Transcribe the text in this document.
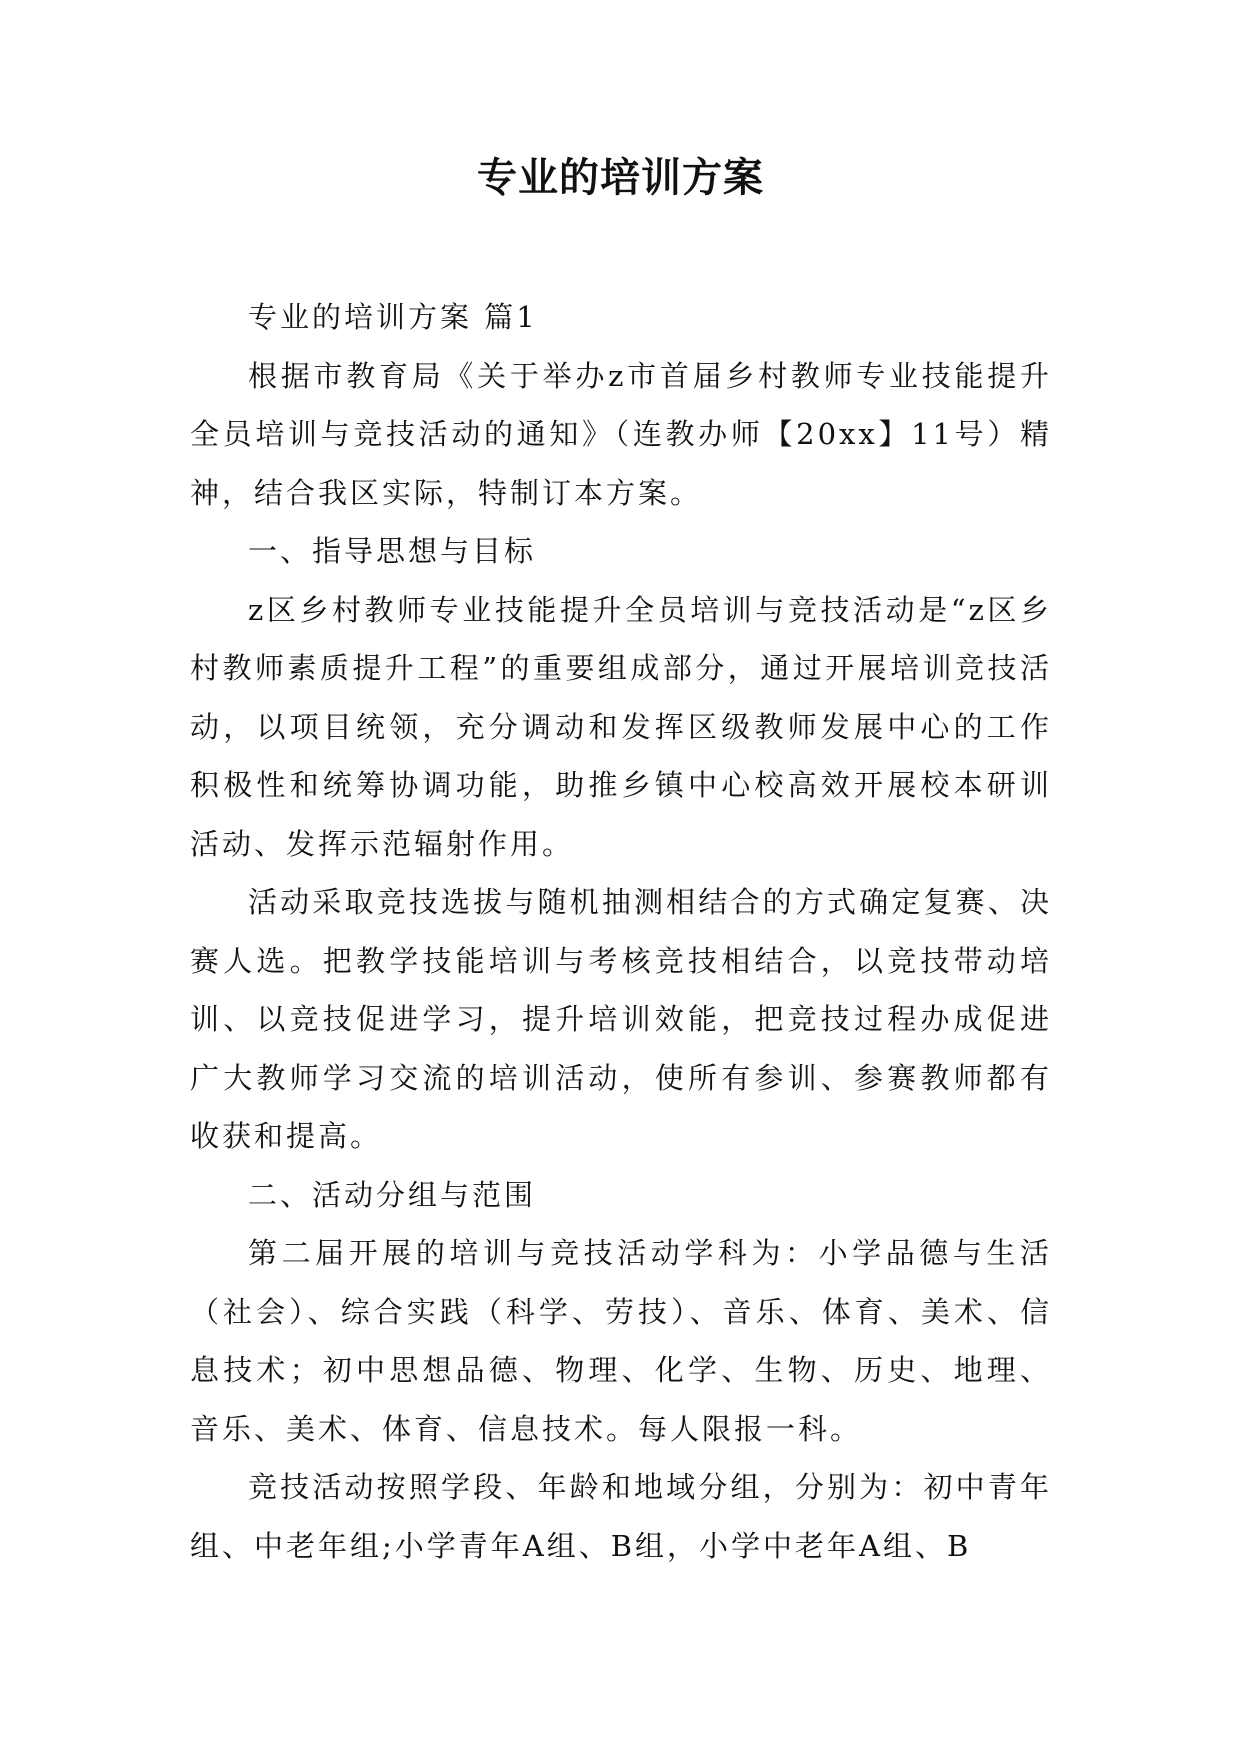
专业的培训方案

专业的培训方案 篇1

根据市教育局《关于举办z市首届乡村教师专业技能提升全员培训与竞技活动的通知》（连教办师【20xx】11号）精神，结合我区实际，特制订本方案。

一、指导思想与目标

z区乡村教师专业技能提升全员培训与竞技活动是“z区乡村教师素质提升工程”的重要组成部分，通过开展培训竞技活动，以项目统领，充分调动和发挥区级教师发展中心的工作积极性和统筹协调功能，助推乡镇中心校高效开展校本研训活动、发挥示范辐射作用。

活动采取竞技选拔与随机抽测相结合的方式确定复赛、决赛人选。把教学技能培训与考核竞技相结合，以竞技带动培训、以竞技促进学习，提升培训效能，把竞技过程办成促进广大教师学习交流的培训活动，使所有参训、参赛教师都有收获和提高。

二、活动分组与范围

第二届开展的培训与竞技活动学科为：小学品德与生活（社会）、综合实践（科学、劳技）、音乐、体育、美术、信息技术；初中思想品德、物理、化学、生物、历史、地理、音乐、美术、体育、信息技术。每人限报一科。

竞技活动按照学段、年龄和地域分组，分别为：初中青年组、中老年组;小学青年A组、B组，小学中老年A组、B
